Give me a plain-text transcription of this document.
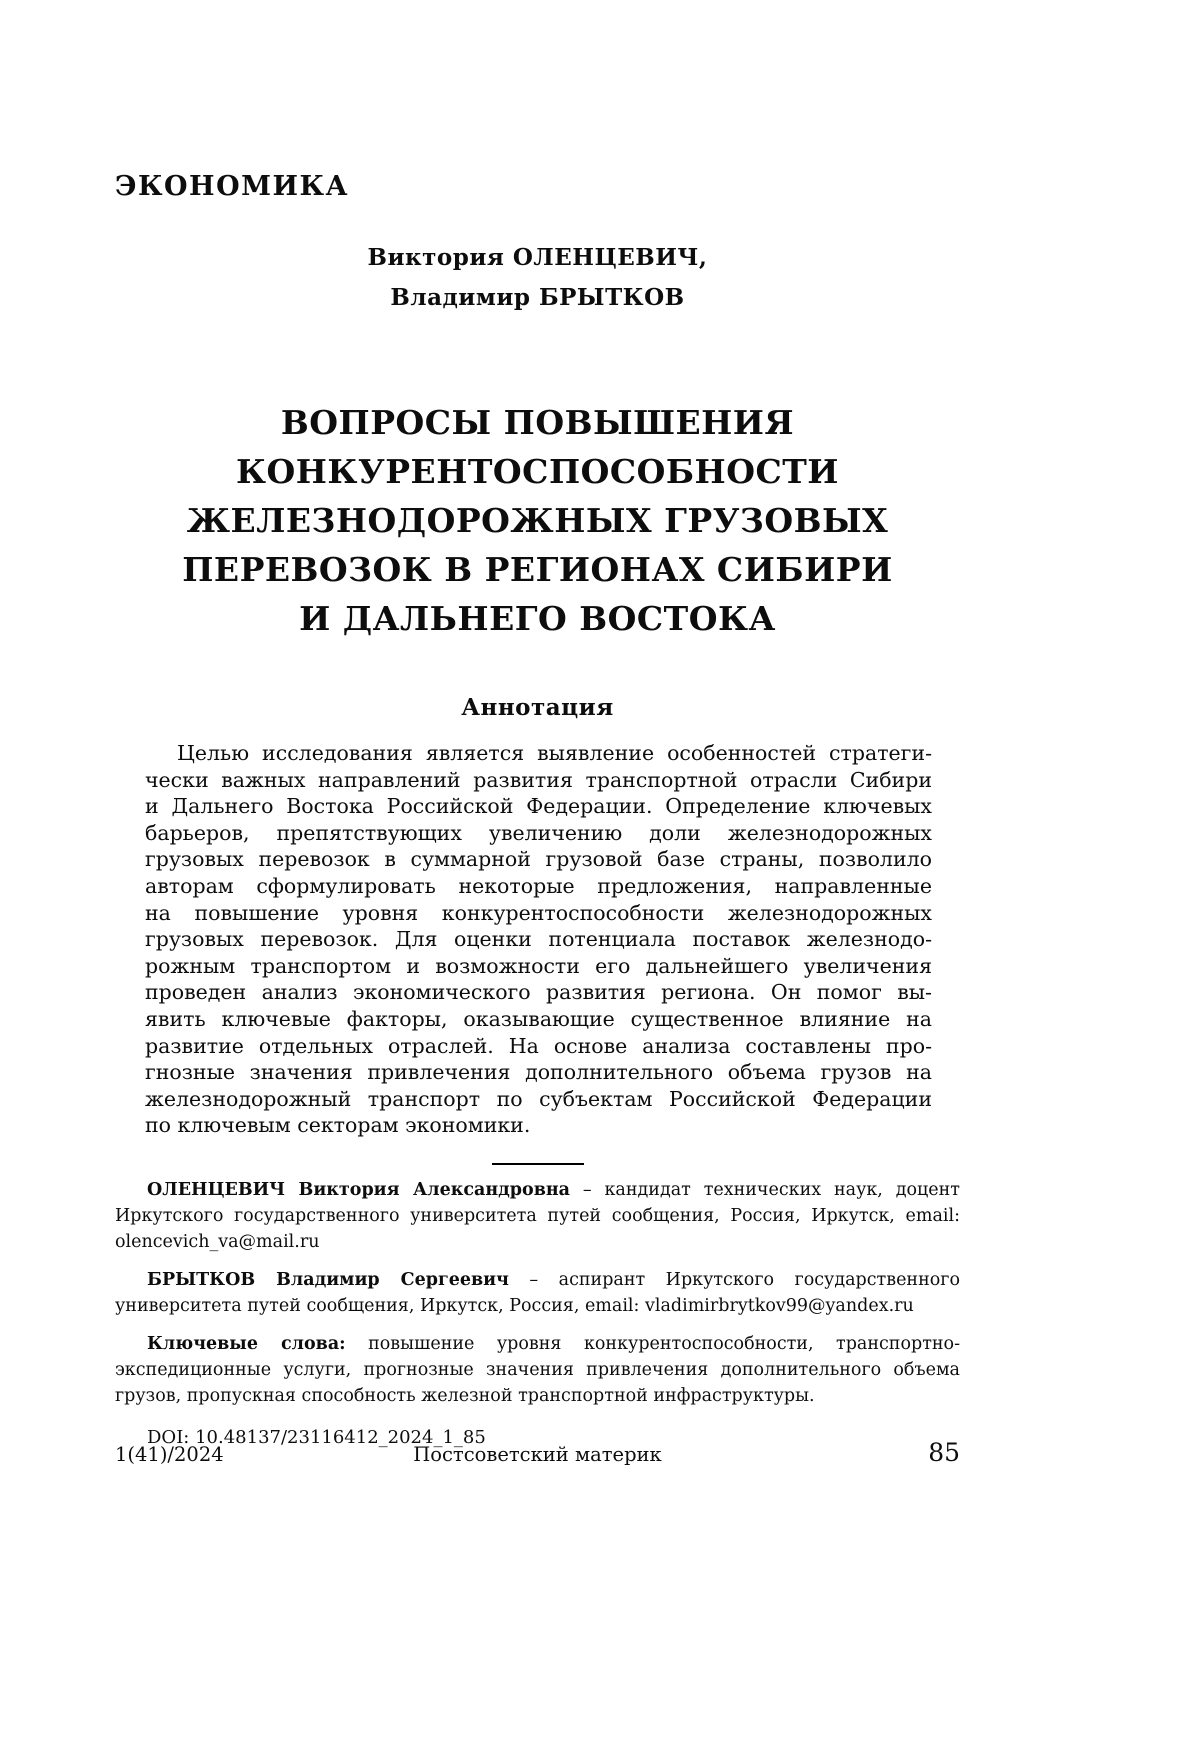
ЭКОНОМИКА
Виктория ОЛЕНЦЕВИЧ,
Владимир БРЫТКОВ
ВОПРОСЫ ПОВЫШЕНИЯ
КОНКУРЕНТОСПОСОБНОСТИ
ЖЕЛЕЗНОДОРОЖНЫХ ГРУЗОВЫХ
ПЕРЕВОЗОК В РЕГИОНАХ СИБИРИ
И ДАЛЬНЕГО ВОСТОКА
Аннотация
Целью исследования является выявление особенностей стратеги-
чески важных направлений развития транспортной отрасли Сибири
и Дальнего Востока Российской Федерации. Определение ключевых
барьеров, препятствующих увеличению доли железнодорожных
грузовых перевозок в суммарной грузовой базе страны, позволило
авторам сформулировать некоторые предложения, направленные
на повышение уровня конкурентоспособности железнодорожных
грузовых перевозок. Для оценки потенциала поставок железнодо-
рожным транспортом и возможности его дальнейшего увеличения
проведен анализ экономического развития региона. Он помог вы-
явить ключевые факторы, оказывающие существенное влияние на
развитие отдельных отраслей. На основе анализа составлены про-
гнозные значения привлечения дополнительного объема грузов на
железнодорожный транспорт по субъектам Российской Федерации
по ключевым секторам экономики.

ОЛЕНЦЕВИЧ Виктория Александровна – кандидат технических наук, доцент Иркутского государственного университета путей сообщения, Россия, Иркутск, email: olencevich_va@mail.ru

БРЫТКОВ Владимир Сергеевич – аспирант Иркутского государственного университета путей сообщения, Иркутск, Россия, email: vladimirbrytkov99@yandex.ru

Ключевые слова: повышение уровня конкурентоспособности, транспортно-экспедиционные услуги, прогнозные значения привлечения дополнительного объема грузов, пропускная способность железной транспортной инфраструктуры.

DOI: 10.48137/23116412_2024_1_85

1(41)/2024	Постсоветский материк	85
